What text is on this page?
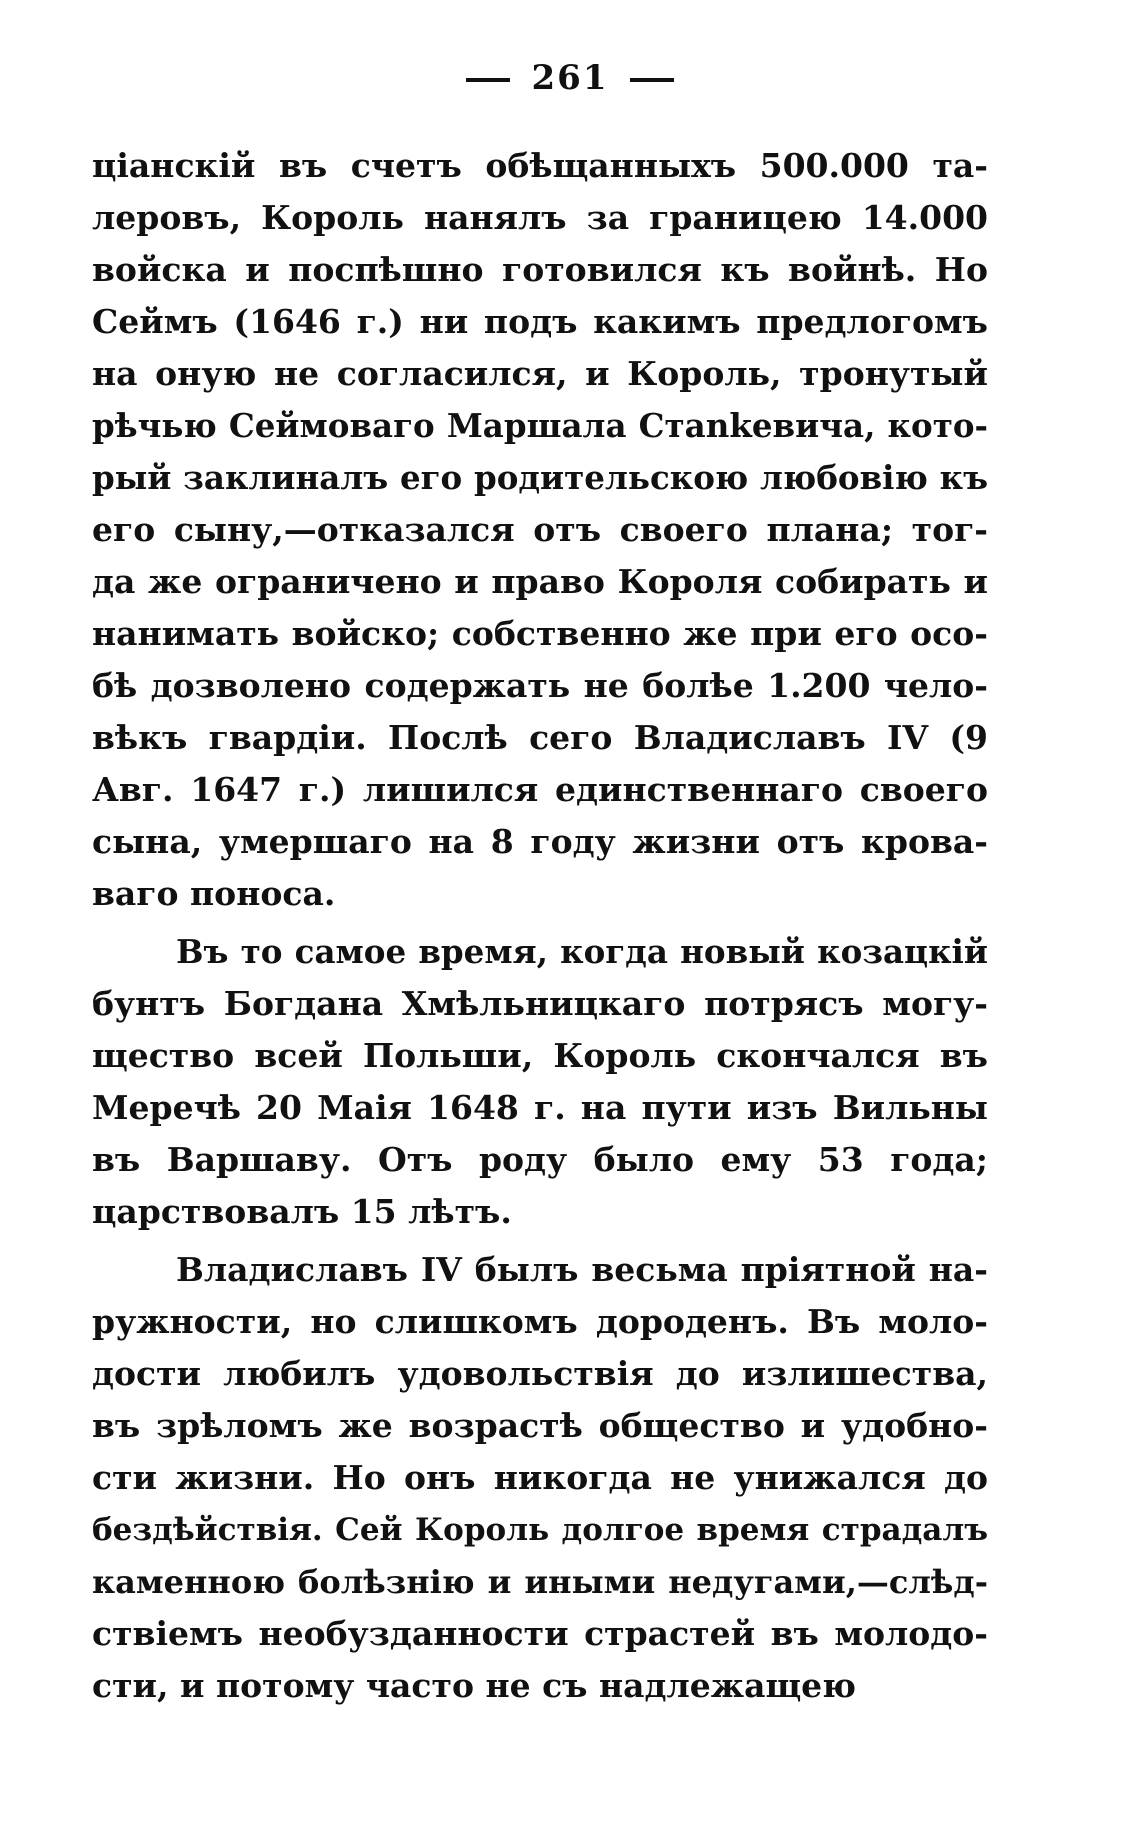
261
ціанскій въ счетъ обѣщанныхъ 500.000 та-
леровъ, Король нанялъ за границею 14.000
войска и поспѣшно готовился къ войнѣ. Но
Сеймъ (1646 г.) ни подъ какимъ предлогомъ
на оную не согласился, и Король, тронутый
рѣчью Сеймоваго Маршала Стankевича, кото-
рый заклиналъ его родительскою любовію къ
его сыну,—отказался отъ своего плана; тог-
да же ограничено и право Короля собирать и
нанимать войско; собственно же при его осо-
бѣ дозволено содержать не болѣе 1.200 чело-
вѣкъ гвардіи. Послѣ сего Владиславъ IV (9
Авг. 1647 г.) лишился единственнаго своего
сына, умершаго на 8 году жизни отъ крова-
ваго поноса.
Въ то самое время, когда новый козацкій
бунтъ Богдана Хмѣльницкаго потрясъ могу-
щество всей Польши, Король скончался въ
Меречѣ 20 Маія 1648 г. на пути изъ Вильны
въ Варшаву. Отъ роду было ему 53 года;
царствовалъ 15 лѣтъ.
Владиславъ IV былъ весьма пріятной на-
ружности, но слишкомъ дороденъ. Въ моло-
дости любилъ удовольствія до излишества,
въ зрѣломъ же возрастѣ общество и удобно-
сти жизни. Но онъ никогда не унижался до
бездѣйствія. Сей Король долгое время страдалъ
каменною болѣзнію и иными недугами,—слѣд-
ствіемъ необузданности страстей въ молодо-
сти, и потому часто не съ надлежащею
